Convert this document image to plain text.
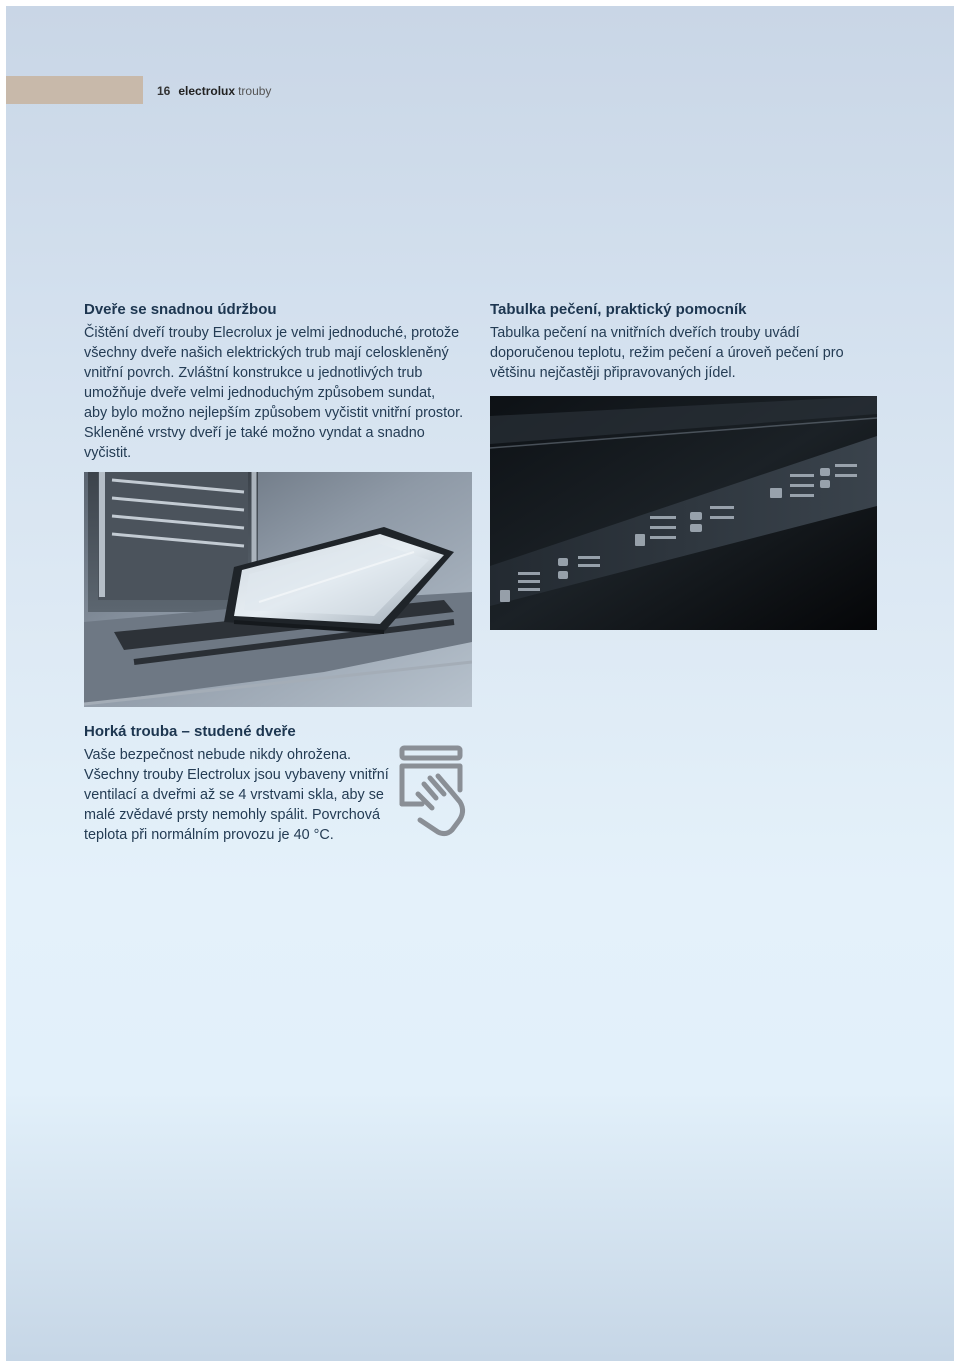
16 electrolux trouby
Dveře se snadnou údržbou

Čištění dveří trouby Elecrolux je velmi jednoduché, protože

všechny dveře našich elektrických trub mají celoskleněný

vnitřní povrch. Zvláštní konstrukce u jednotlivých trub

umožňuje dveře velmi jednoduchým způsobem sundat,

aby bylo možno nejlepším způsobem vyčistit vnitřní prostor.

Skleněné vrstvy dveří je také možno vyndat a snadno

vyčistit.

Tabulka pečení, praktický pomocník

Tabulka pečení na vnitřních dveřích trouby uvádí

doporučenou teplotu, režim pečení a úroveň pečení pro

většinu nejčastěji připravovaných jídel.

Horká trouba – studené dveře

Vaše bezpečnost nebude nikdy ohrožena.

Všechny trouby Electrolux jsou vybaveny vnitřní

ventilací a dveřmi až se 4 vrstvami skla, aby se

malé zvědavé prsty nemohly spálit. Povrchová

teplota při normálním provozu je 40 °C.
